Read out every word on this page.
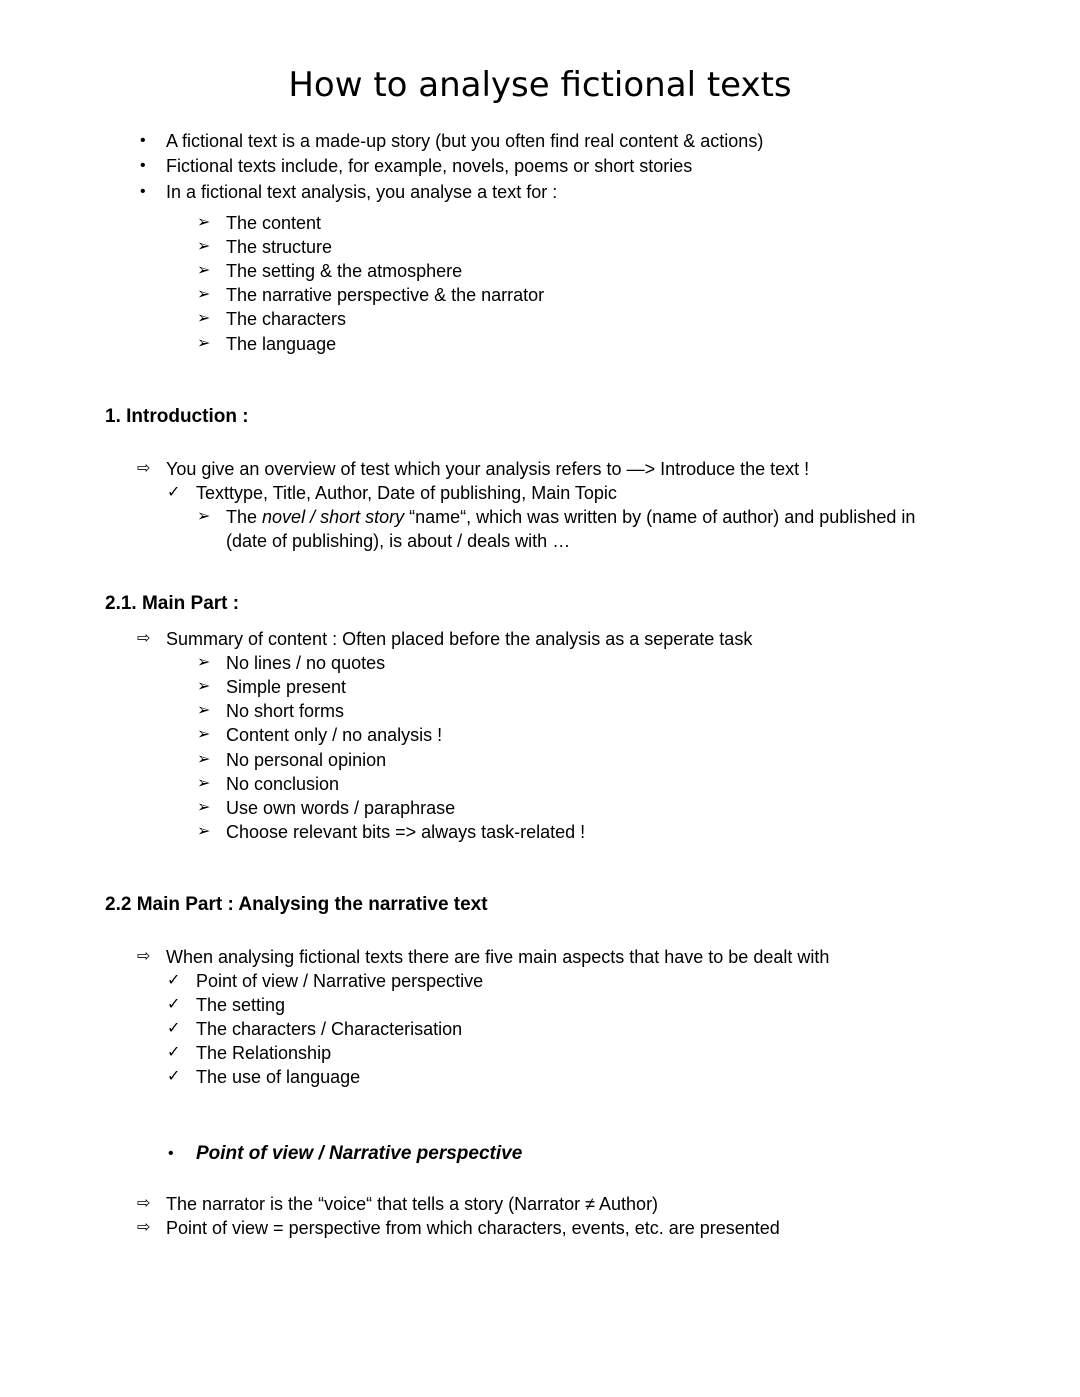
How to analyse fictional texts
• A fictional text is a made-up story (but you often find real content & actions)
• Fictional texts include, for example, novels, poems or short stories
• In a fictional text analysis, you analyse a text for :
➢ The content
➢ The structure
➢ The setting & the atmosphere
➢ The narrative perspective & the narrator
➢ The characters
➢ The language
1. Introduction :
⇨ You give an overview of test which your analysis refers to —> Introduce the text !
✓ Texttype, Title, Author, Date of publishing, Main Topic
➢ The novel / short story “name“, which was written by (name of author) and published in
(date of publishing), is about / deals with …
2.1. Main Part :
⇨ Summary of content : Often placed before the analysis as a seperate task
➢ No lines / no quotes
➢ Simple present
➢ No short forms
➢ Content only / no analysis !
➢ No personal opinion
➢ No conclusion
➢ Use own words / paraphrase
➢ Choose relevant bits => always task-related !
2.2 Main Part : Analysing the narrative text
⇨ When analysing fictional texts there are five main aspects that have to be dealt with
✓ Point of view / Narrative perspective
✓ The setting
✓ The characters / Characterisation
✓ The Relationship
✓ The use of language
• Point of view / Narrative perspective
⇨ The narrator is the “voice“ that tells a story (Narrator ≠ Author)
⇨ Point of view = perspective from which characters, events, etc. are presented
